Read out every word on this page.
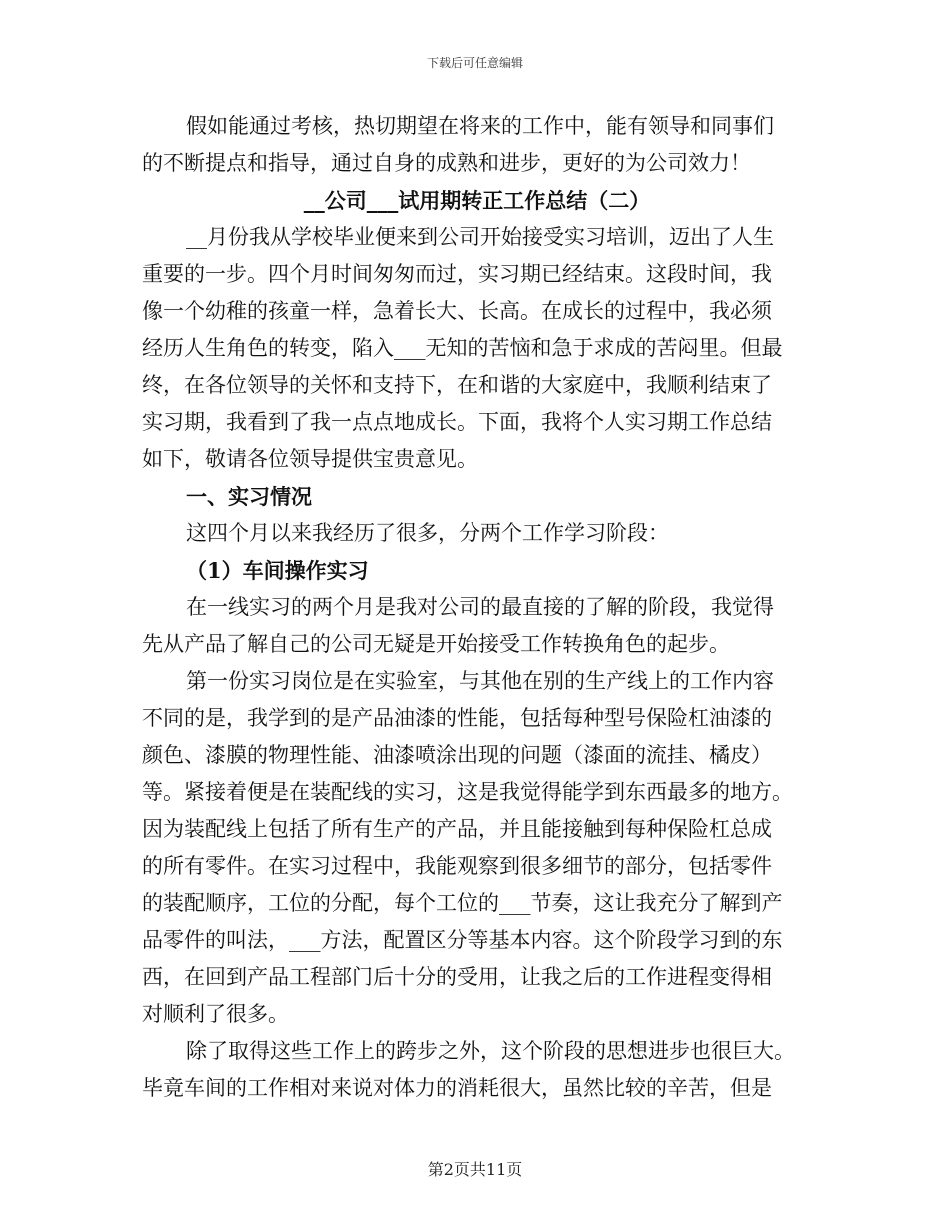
下载后可任意编辑
假如能通过考核，热切期望在将来的工作中，能有领导和同事们
的不断提点和指导，通过自身的成熟和进步，更好的为公司效力！
__公司___试用期转正工作总结（二）
__月份我从学校毕业便来到公司开始接受实习培训，迈出了人生
重要的一步。四个月时间匆匆而过，实习期已经结束。这段时间，我
像一个幼稚的孩童一样，急着长大、长高。在成长的过程中，我必须
经历人生角色的转变，陷入___无知的苦恼和急于求成的苦闷里。但最
终，在各位领导的关怀和支持下，在和谐的大家庭中，我顺利结束了
实习期，我看到了我一点点地成长。下面，我将个人实习期工作总结
如下，敬请各位领导提供宝贵意见。
一、实习情况
这四个月以来我经历了很多，分两个工作学习阶段：
（1）车间操作实习
在一线实习的两个月是我对公司的最直接的了解的阶段，我觉得
先从产品了解自己的公司无疑是开始接受工作转换角色的起步。
第一份实习岗位是在实验室，与其他在别的生产线上的工作内容
不同的是，我学到的是产品油漆的性能，包括每种型号保险杠油漆的
颜色、漆膜的物理性能、油漆喷涂出现的问题（漆面的流挂、橘皮）
等。紧接着便是在装配线的实习，这是我觉得能学到东西最多的地方。
因为装配线上包括了所有生产的产品，并且能接触到每种保险杠总成
的所有零件。在实习过程中，我能观察到很多细节的部分，包括零件
的装配顺序，工位的分配，每个工位的___节奏，这让我充分了解到产
品零件的叫法，___方法，配置区分等基本内容。这个阶段学习到的东
西，在回到产品工程部门后十分的受用，让我之后的工作进程变得相
对顺利了很多。
除了取得这些工作上的跨步之外，这个阶段的思想进步也很巨大。
毕竟车间的工作相对来说对体力的消耗很大，虽然比较的辛苦，但是
第2页共11页
